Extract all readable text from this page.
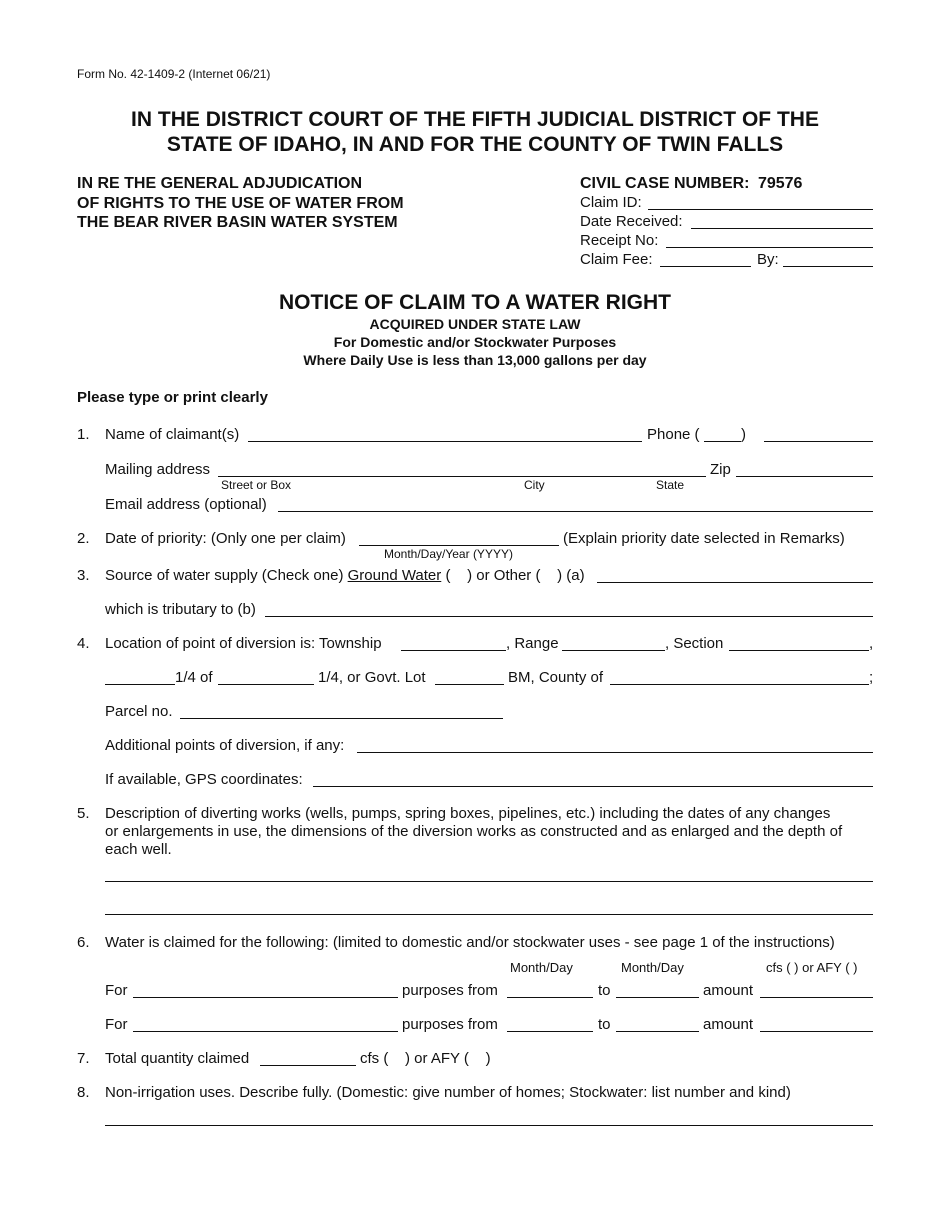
Form No. 42-1409-2 (Internet 06/21)
IN THE DISTRICT COURT OF THE FIFTH JUDICIAL DISTRICT OF THE
STATE OF IDAHO, IN AND FOR THE COUNTY OF TWIN FALLS
IN RE THE GENERAL ADJUDICATION
OF RIGHTS TO THE USE OF WATER FROM
THE BEAR RIVER BASIN WATER SYSTEM
CIVIL CASE NUMBER: 79576
Claim ID:
Date Received:
Receipt No:
Claim Fee:	By:
NOTICE OF CLAIM TO A WATER RIGHT
ACQUIRED UNDER STATE LAW
For Domestic and/or Stockwater Purposes
Where Daily Use is less than 13,000 gallons per day
Please type or print clearly
1. Name of claimant(s)	Phone (	)
Mailing address	Zip
Street or Box	City	State
Email address (optional)
2. Date of priority: (Only one per claim)	(Explain priority date selected in Remarks)
Month/Day/Year (YYYY)
3. Source of water supply (Check one) Ground Water (    ) or Other (    ) (a)
which is tributary to (b)
4. Location of point of diversion is: Township	, Range	, Section	,
1/4 of	1/4, or Govt. Lot	BM, County of	;
Parcel no.
Additional points of diversion, if any:
If available, GPS coordinates:
5. Description of diverting works (wells, pumps, spring boxes, pipelines, etc.) including the dates of any changes
or enlargements in use, the dimensions of the diversion works as constructed and as enlarged and the depth of
each well.
6. Water is claimed for the following: (limited to domestic and/or stockwater uses - see page 1 of the instructions)
Month/Day	Month/Day	cfs ( ) or AFY ( )
For	purposes from	to	amount
For	purposes from	to	amount
7. Total quantity claimed	cfs (    ) or AFY (    )
8. Non-irrigation uses. Describe fully. (Domestic: give number of homes; Stockwater: list number and kind)
